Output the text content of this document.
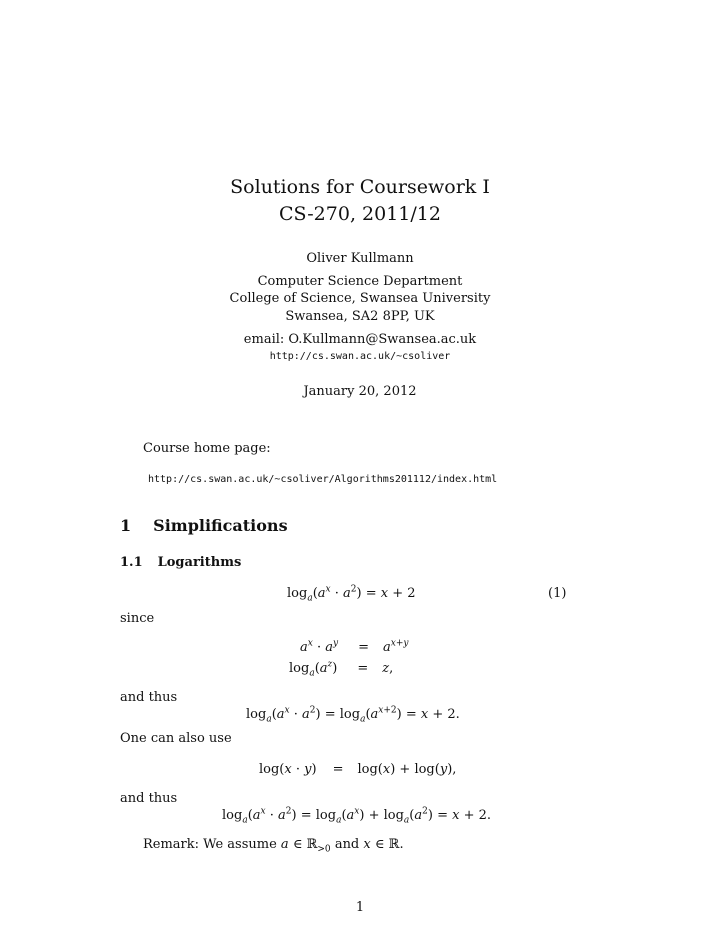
Solutions for Coursework I
CS-270, 2011/12
Oliver Kullmann
Computer Science Department
College of Science, Swansea University
Swansea, SA2 8PP, UK
email: O.Kullmann@Swansea.ac.uk
http://cs.swan.ac.uk/~csoliver
January 20, 2012
Course home page:
http://cs.swan.ac.uk/~csoliver/Algorithms201112/index.html
1 Simplifications
1.1 Logarithms
$\log_a(a^x \cdot a^2) = x + 2$	(1)
since
$a^x \cdot a^y = a^{x+y}$
$\log_a(a^z) = z$,
and thus
$\log_a(a^x \cdot a^2) = \log_a(a^{x+2}) = x + 2$.
One can also use
log(x · y) = log(x) + log(y),
and thus
$\log_a(a^x \cdot a^2) = \log_a(a^x) + \log_a(a^2) = x + 2$.
Remark: We assume a ∈ ℝ$_{>0}$ and x ∈ ℝ.
1
